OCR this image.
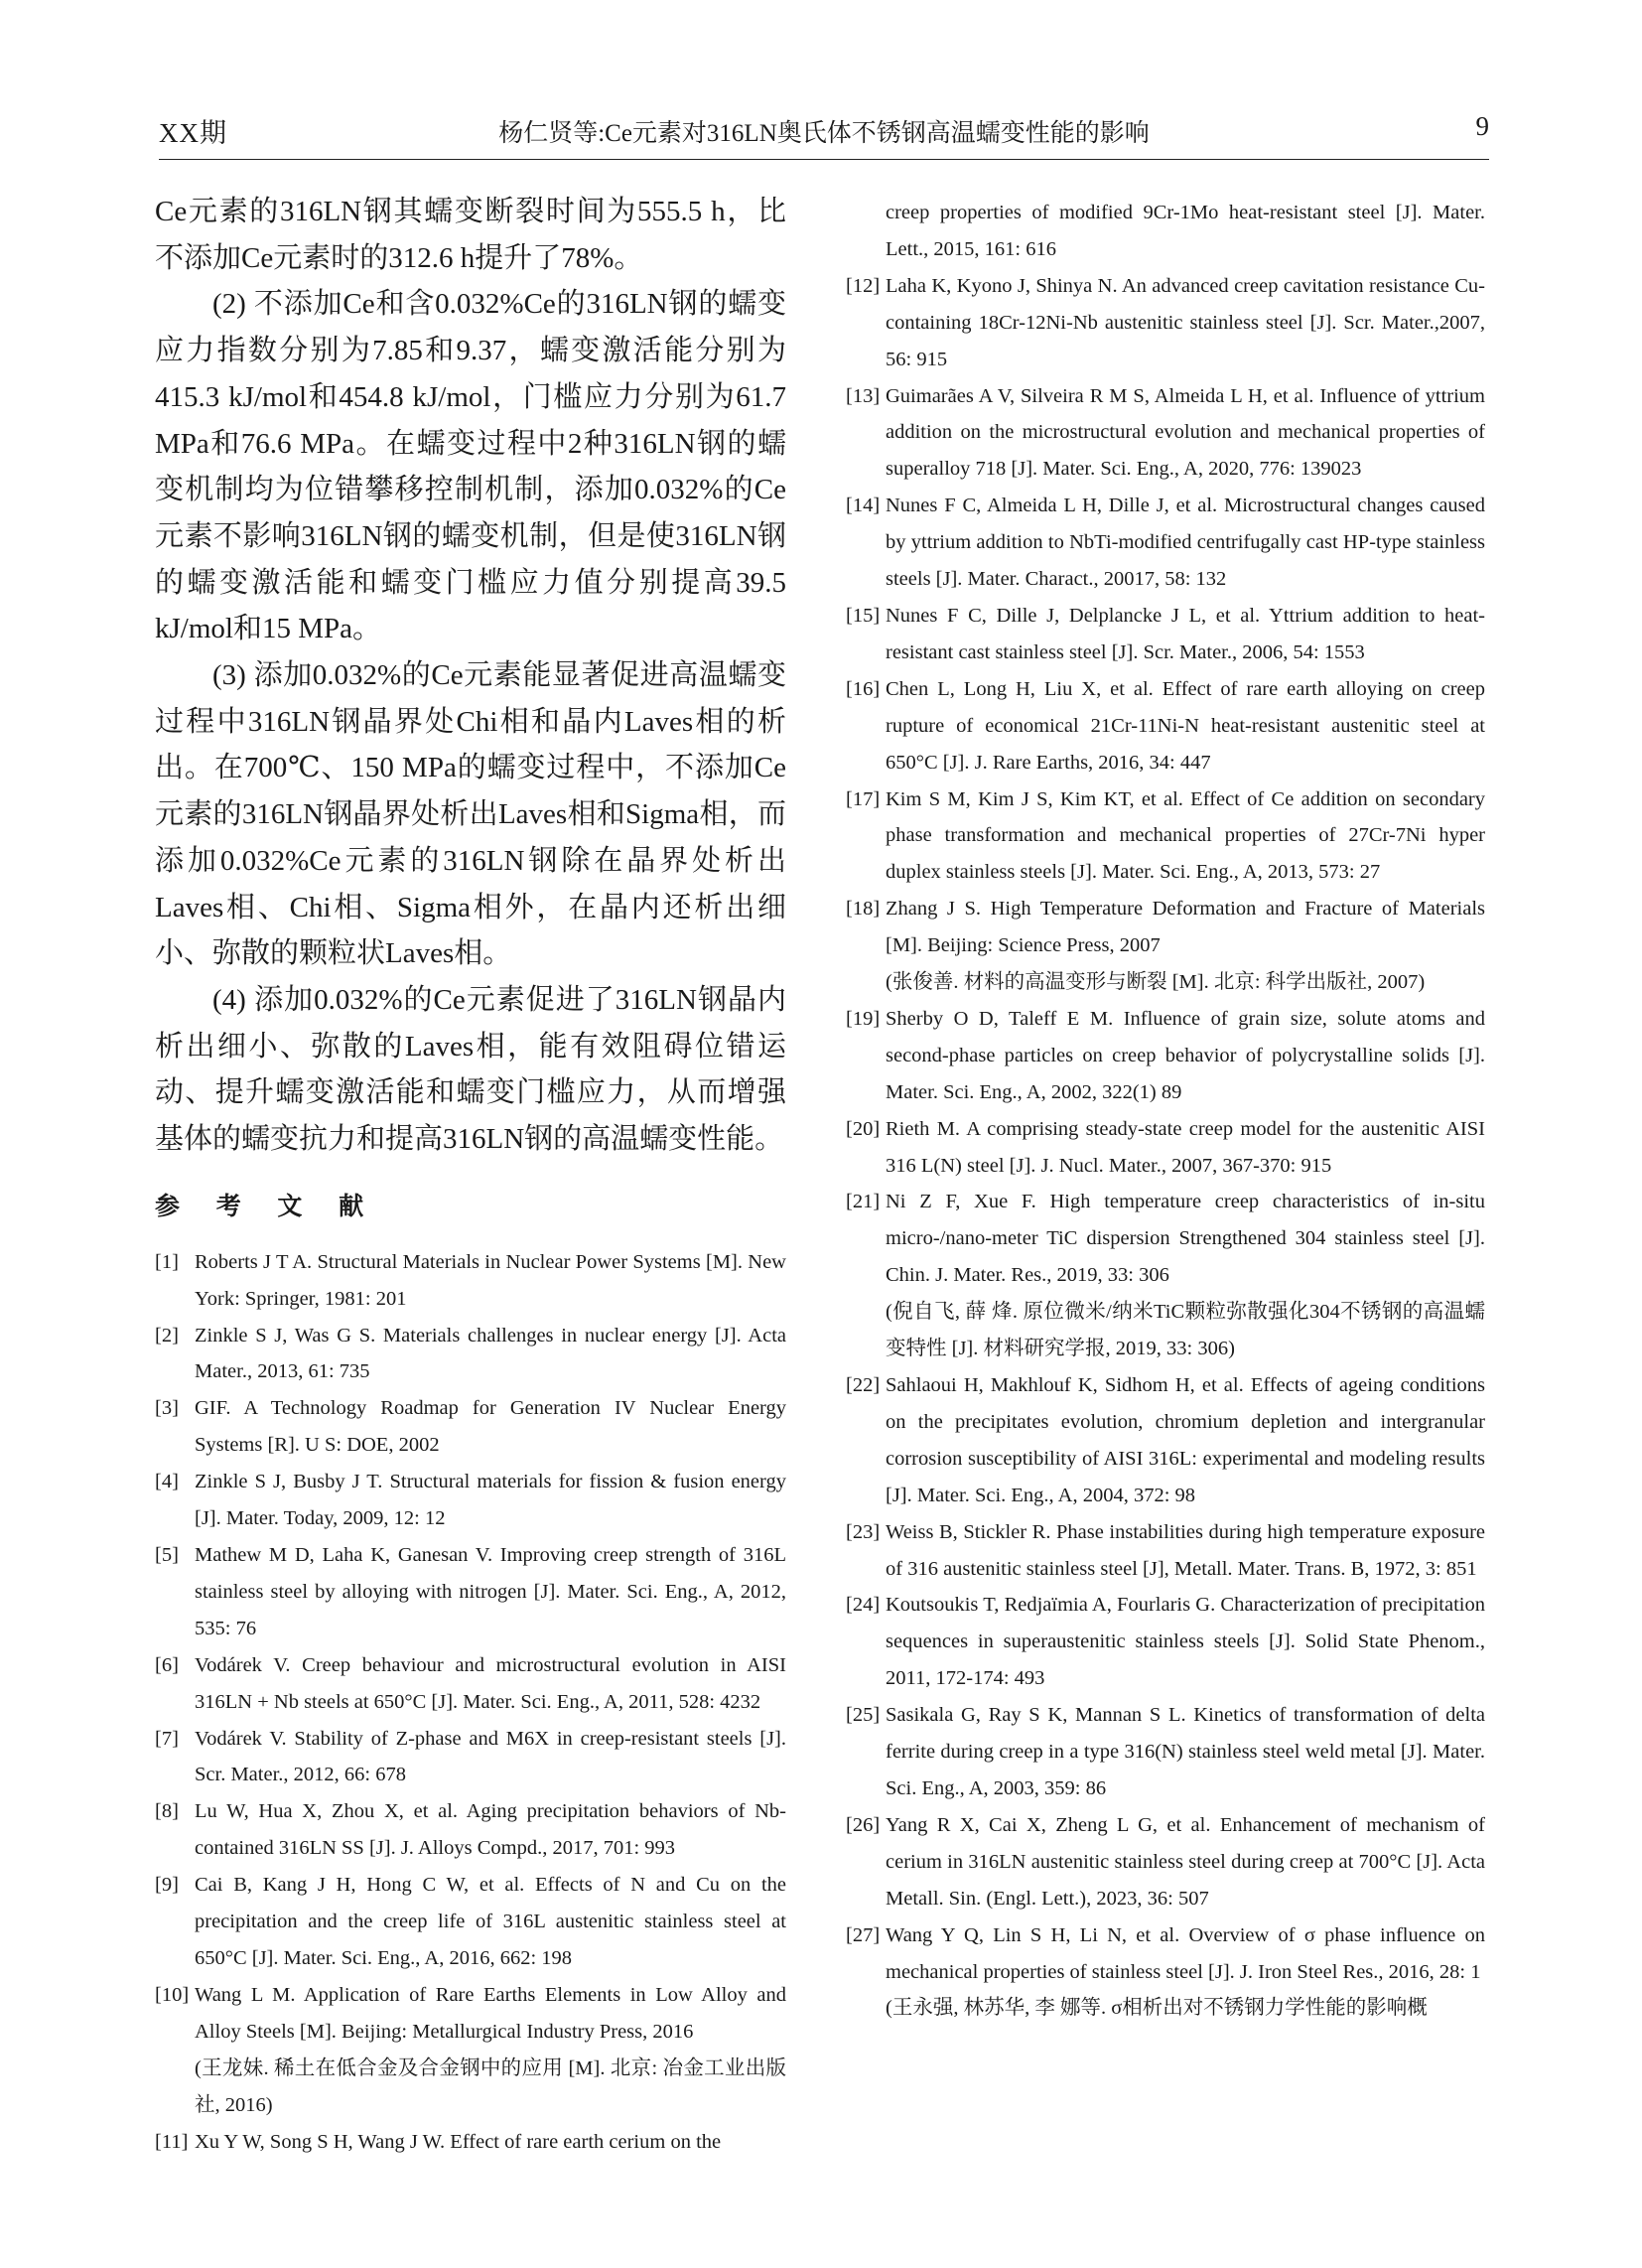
XX期	杨仁贤等:Ce元素对316LN奥氏体不锈钢高温蠕变性能的影响	9

Ce元素的316LN钢其蠕变断裂时间为555.5 h，比不添加Ce元素时的312.6 h提升了78%。

(2) 不添加Ce和含0.032%Ce的316LN钢的蠕变应力指数分别为7.85和9.37，蠕变激活能分别为415.3 kJ/mol和454.8 kJ/mol，门槛应力分别为61.7 MPa和76.6 MPa。在蠕变过程中2种316LN钢的蠕变机制均为位错攀移控制机制，添加0.032%的Ce元素不影响316LN钢的蠕变机制，但是使316LN钢的蠕变激活能和蠕变门槛应力值分别提高39.5 kJ/mol和15 MPa。

(3) 添加0.032%的Ce元素能显著促进高温蠕变过程中316LN钢晶界处Chi相和晶内Laves相的析出。在700℃、150 MPa的蠕变过程中，不添加Ce元素的316LN钢晶界处析出Laves相和Sigma相，而添加0.032%Ce元素的316LN钢除在晶界处析出Laves相、Chi相、Sigma相外，在晶内还析出细小、弥散的颗粒状Laves相。

(4) 添加0.032%的Ce元素促进了316LN钢晶内析出细小、弥散的Laves相，能有效阻碍位错运动、提升蠕变激活能和蠕变门槛应力，从而增强基体的蠕变抗力和提高316LN钢的高温蠕变性能。

参 考 文 献

[1] Roberts J T A. Structural Materials in Nuclear Power Systems [M]. New York: Springer, 1981: 201

[2] Zinkle S J, Was G S. Materials challenges in nuclear energy [J]. Acta Mater., 2013, 61: 735

[3] GIF. A Technology Roadmap for Generation IV Nuclear Energy Systems [R]. U S: DOE, 2002

[4] Zinkle S J, Busby J T. Structural materials for fission & fusion energy [J]. Mater. Today, 2009, 12: 12

[5] Mathew M D, Laha K, Ganesan V. Improving creep strength of 316L stainless steel by alloying with nitrogen [J]. Mater. Sci. Eng., A, 2012, 535: 76

[6] Vodárek V. Creep behaviour and microstructural evolution in AISI 316LN + Nb steels at 650°C [J]. Mater. Sci. Eng., A, 2011, 528: 4232

[7] Vodárek V. Stability of Z-phase and M6X in creep-resistant steels [J]. Scr. Mater., 2012, 66: 678

[8] Lu W, Hua X, Zhou X, et al. Aging precipitation behaviors of Nb-contained 316LN SS [J]. J. Alloys Compd., 2017, 701: 993

[9] Cai B, Kang J H, Hong C W, et al. Effects of N and Cu on the precipitation and the creep life of 316L austenitic stainless steel at 650°C [J]. Mater. Sci. Eng., A, 2016, 662: 198

[10] Wang L M. Application of Rare Earths Elements in Low Alloy and Alloy Steels [M]. Beijing: Metallurgical Industry Press, 2016
(王龙妹. 稀土在低合金及合金钢中的应用 [M]. 北京: 冶金工业出版社, 2016)

[11] Xu Y W, Song S H, Wang J W. Effect of rare earth cerium on the

creep properties of modified 9Cr-1Mo heat-resistant steel [J]. Mater. Lett., 2015, 161: 616

[12] Laha K, Kyono J, Shinya N. An advanced creep cavitation resistance Cu-containing 18Cr-12Ni-Nb austenitic stainless steel [J]. Scr. Mater.,2007, 56: 915

[13] Guimarães A V, Silveira R M S, Almeida L H, et al. Influence of yttrium addition on the microstructural evolution and mechanical properties of superalloy 718 [J]. Mater. Sci. Eng., A, 2020, 776: 139023

[14] Nunes F C, Almeida L H, Dille J, et al. Microstructural changes caused by yttrium addition to NbTi-modified centrifugally cast HP-type stainless steels [J]. Mater. Charact., 20017, 58: 132

[15] Nunes F C, Dille J, Delplancke J L, et al. Yttrium addition to heat-resistant cast stainless steel [J]. Scr. Mater., 2006, 54: 1553

[16] Chen L, Long H, Liu X, et al. Effect of rare earth alloying on creep rupture of economical 21Cr-11Ni-N heat-resistant austenitic steel at 650°C [J]. J. Rare Earths, 2016, 34: 447

[17] Kim S M, Kim J S, Kim KT, et al. Effect of Ce addition on secondary phase transformation and mechanical properties of 27Cr-7Ni hyper duplex stainless steels [J]. Mater. Sci. Eng., A, 2013, 573: 27

[18] Zhang J S. High Temperature Deformation and Fracture of Materials [M]. Beijing: Science Press, 2007
(张俊善. 材料的高温变形与断裂 [M]. 北京: 科学出版社, 2007)

[19] Sherby O D, Taleff E M. Influence of grain size, solute atoms and second-phase particles on creep behavior of polycrystalline solids [J]. Mater. Sci. Eng., A, 2002, 322(1) 89

[20] Rieth M. A comprising steady-state creep model for the austenitic AISI 316 L(N) steel [J]. J. Nucl. Mater., 2007, 367-370: 915

[21] Ni Z F, Xue F. High temperature creep characteristics of in-situ micro-/nano-meter TiC dispersion Strengthened 304 stainless steel [J]. Chin. J. Mater. Res., 2019, 33: 306
(倪自飞, 薛 烽. 原位微米/纳米TiC颗粒弥散强化304不锈钢的高温蠕变特性 [J]. 材料研究学报, 2019, 33: 306)

[22] Sahlaoui H, Makhlouf K, Sidhom H, et al. Effects of ageing conditions on the precipitates evolution, chromium depletion and intergranular corrosion susceptibility of AISI 316L: experimental and modeling results [J]. Mater. Sci. Eng., A, 2004, 372: 98

[23] Weiss B, Stickler R. Phase instabilities during high temperature exposure of 316 austenitic stainless steel [J], Metall. Mater. Trans. B, 1972, 3: 851

[24] Koutsoukis T, Redjaïmia A, Fourlaris G. Characterization of precipitation sequences in superaustenitic stainless steels [J]. Solid State Phenom., 2011, 172-174: 493

[25] Sasikala G, Ray S K, Mannan S L. Kinetics of transformation of delta ferrite during creep in a type 316(N) stainless steel weld metal [J]. Mater. Sci. Eng., A, 2003, 359: 86

[26] Yang R X, Cai X, Zheng L G, et al. Enhancement of mechanism of cerium in 316LN austenitic stainless steel during creep at 700°C [J]. Acta Metall. Sin. (Engl. Lett.), 2023, 36: 507

[27] Wang Y Q, Lin S H, Li N, et al. Overview of σ phase influence on mechanical properties of stainless steel [J]. J. Iron Steel Res., 2016, 28: 1
(王永强, 林苏华, 李 娜等. σ相析出对不锈钢力学性能的影响概
